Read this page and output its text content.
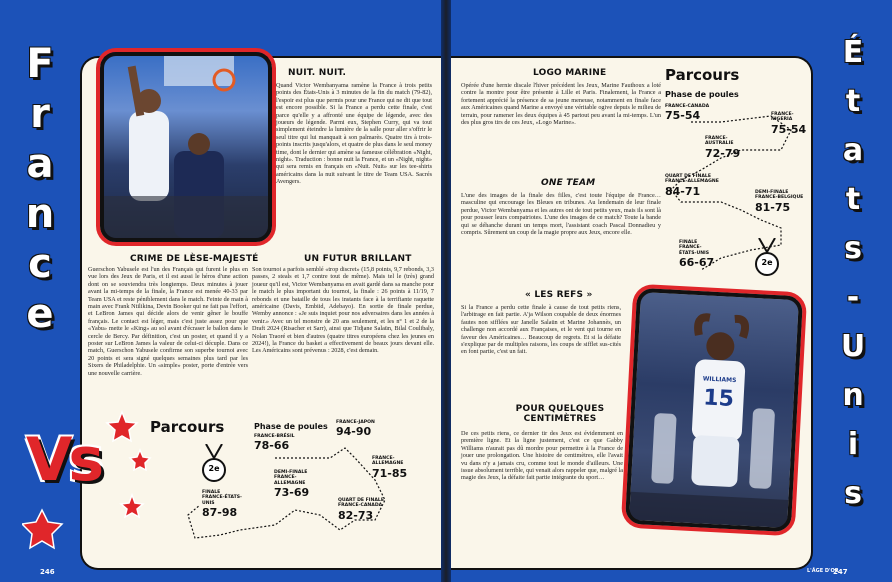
F
r
a
n
c
e
Vs
NUIT. NUIT.
Quand Victor Wembanyama ramène la France à trois petits points des États-Unis à 3 minutes de la fin du match (79-82), l'espoir est plus que permis pour une France qui ne dit que tout est encore possible. Si la France a perdu cette finale, c'est parce qu'elle y a affronté une équipe de légende, avec des joueurs de légende. Parmi eux, Stephen Curry, qui va tout simplement éteindre la lumière de la salle pour aller s'offrir le seul titre qui lui manquait à son palmarès. Quatre tirs à trois-points inscrits jusqu'alors, et quatre de plus dans le seul money time, dont le dernier qui amène sa fameuse célébration «Night, night». Traduction : bonne nuit la France, et un «Night, night» qui sera remis en français en «Nuit. Nuit» sur les tee-shirts américains dans la nuit suivant le titre de Team USA. Sacrés Avengers.
CRIME DE LÈSE-MAJESTÉ
Guerschon Yabusele est l'un des Français qui furent le plus en vue lors des Jeux de Paris, et il est aussi le héros d'une action dont on se souviendra très longtemps. Deux minutes à jouer avant la mi-temps de la finale, la France est menée 40-33 par Team USA et reste péniblement dans le match. Feinte de main à main avec Frank Ntilikina, Devin Booker qui ne fait pas l'effort, et LeBron James qui décide alors de venir gêner le bouffe français. Le contact est léger, mais c'est juste assez pour que «Yabu» mette le «King» au sol avant d'écraser le ballon dans le cercle de Bercy. Par définition, c'est un poster, et quand il y a poster sur LeBron James la valeur de celui-ci décuple. Dans ce match, Guerschon Yabusele confirme son superbe tournoi avec 20 points et sera signé quelques semaines plus tard par les Sixers de Philadelphie. Un «simple» poster, porte d'entrée vers une nouvelle carrière.
UN FUTUR BRILLANT
Son tournoi a parfois semblé «trop discret» (15,8 points, 9,7 rebonds, 3,3 passes, 2 steals et 1,7 contre tout de même). Mais tel le (très) grand joueur qu'il est, Victor Wembanyama en avait gardé dans sa manche pour le match le plus important du tournoi, la finale : 26 points à 11/19, 7 rebonds et une bataille de tous les instants face à la terrifiante raquette américaine (Davis, Embiid, Adebayo). En sortie de finale perdue, Wemby annonce : «Je suis inquiet pour nos adversaires dans les années à venir.» Avec un tel monstre de 20 ans seulement, et les n° 1 et 2 de la Draft 2024 (Risacher et Sarr), ainsi que Tidjane Salaün, Bilal Coulibaly, Nolan Traoré et bien d'autres (quatre titres européens chez les jeunes en 2024!), la France du basket a effectivement de beaux jours devant elle. Les Américains sont prévenus : 2028, c'est demain.
Parcours	Phase de poules
FRANCE-BRÉSIL
78-66
FRANCE-JAPON
94-90
FRANCE-
ALLEMAGNE
71-85
QUART DE FINALE
FRANCE-CANADA
82-73
DEMI-FINALE
FRANCE-
ALLEMAGNE
73-69
FINALE
FRANCE-ÉTATS-
UNIS
87-98
2e
246
É
t
a
t
s
-
U
n
i
s
LOGO MARINE
Opérée d'une hernie discale l'hiver précédent les Jeux, Marine Fauthoux a loté contre la montre pour être présente à Lille et Paris. Finalement, la France a fortement apprécié la présence de sa jeune meneuse, notamment en finale face aux Américaines quand Marine a envoyé une véritable ogive depuis le milieu de terrain, pour ramener les deux équipes à 45 partout peu avant la mi-temps. L'un des plus gros tirs de ces Jeux, «Logo Marine».
ONE TEAM
L'une des images de la finale des filles, c'est toute l'équipe de France… masculine qui encourage les Bleues en tribunes. Au lendemain de leur finale perdue, Victor Wembanyama et les autres ont de tout petits yeux, mais ils sont là pour pousser leurs compatriotes. L'une des images de ce match? Toute la bande qui se déhanche durant un temps mort, l'assistant coach Pascal Donnadieu y compris. Sûrement un coup de la magie propre aux Jeux, encore elle.
« LES REFS »
Si la France a perdu cette finale à cause de tout petits riens, l'arbitrage en fait partie. A'ja Wilson coupable de deux énormes fautes non sifflées sur Janelle Salaün et Marine Johannès, un challenge non accordé aux Françaises, et le vent qui tourne en faveur des Américaines… Beaucoup de regrets. Et si la défaite s'explique par de multiples raisons, les coups de sifflet sus-cités en font partie, c'est un fait.
POUR QUELQUES CENTIMÈTRES
De ces petits riens, ce dernier tir des Jeux est évidemment en première ligne. Et la ligne justement, c'est ce que Gabby Williams n'aurait pas dû mordre pour permettre à la France de jouer une prolongation. Une histoire de centimètres, elle l'avait vu dans n'y a jamais cru, comme tout le monde d'ailleurs. Une issue absolument terrible, qui venait alors rappeler que, malgré la magie des Jeux, la défaite fait partie intégrante du sport…
WILLIAMS
15
Parcours
Phase de poules
FRANCE-CANADA
75-54	FRANCE-
NIGERIA
75-54
FRANCE-
AUSTRALIE
72-79
QUART DE FINALE
FRANCE-ALLEMAGNE
84-71	DEMI-FINALE
FRANCE-BELGIQUE
81-75
FINALE
FRANCE-
ÉTATS-UNIS
66-67	2e
L'ÂGE D'OR
247
